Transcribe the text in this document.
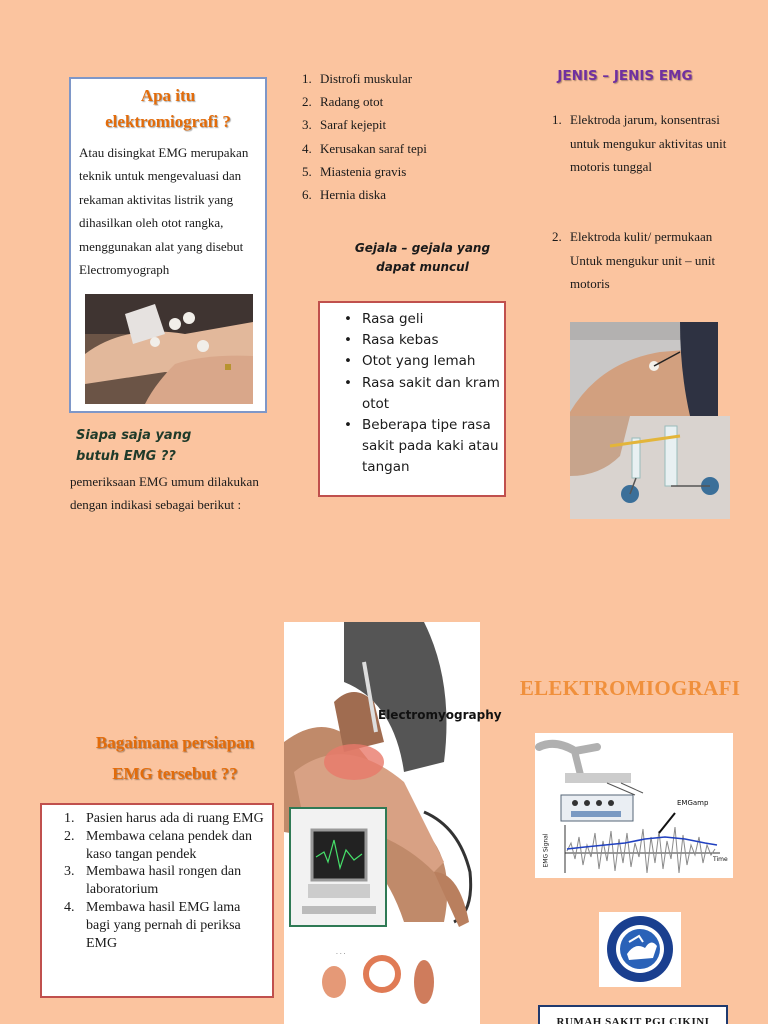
Apa itu
elektromiografi ?
Atau disingkat EMG merupakan teknik untuk mengevaluasi dan rekaman aktivitas listrik yang dihasilkan oleh otot rangka, menggunakan alat yang disebut Electromyograph
Siapa saja yang
butuh EMG ??
pemeriksaan EMG umum dilakukan dengan indikasi sebagai berikut :
1. Distrofi muskular
2. Radang otot
3. Saraf kejepit
4. Kerusakan saraf tepi
5. Miastenia gravis
6. Hernia diska
Gejala – gejala yang
dapat muncul
• Rasa geli
• Rasa kebas
• Otot yang lemah
• Rasa sakit dan kram otot
• Beberapa tipe rasa sakit pada kaki atau tangan
JENIS – JENIS EMG
1. Elektroda jarum, konsentrasi untuk mengukur aktivitas unit motoris tunggal
2. Elektroda kulit/ permukaan
Untuk mengukur unit – unit motoris
Bagaimana persiapan
EMG tersebut ??
1. Pasien harus ada di ruang EMG
2. Membawa celana pendek dan kaso tangan pendek
3. Membawa hasil rongen dan laboratorium
4. Membawa hasil EMG lama bagi yang pernah di periksa EMG
· · ·
Electromyography
ELEKTROMIOGRAFI
EMGamp
EMG Signal	Time
RUMAH SAKIT PGI CIKINI
